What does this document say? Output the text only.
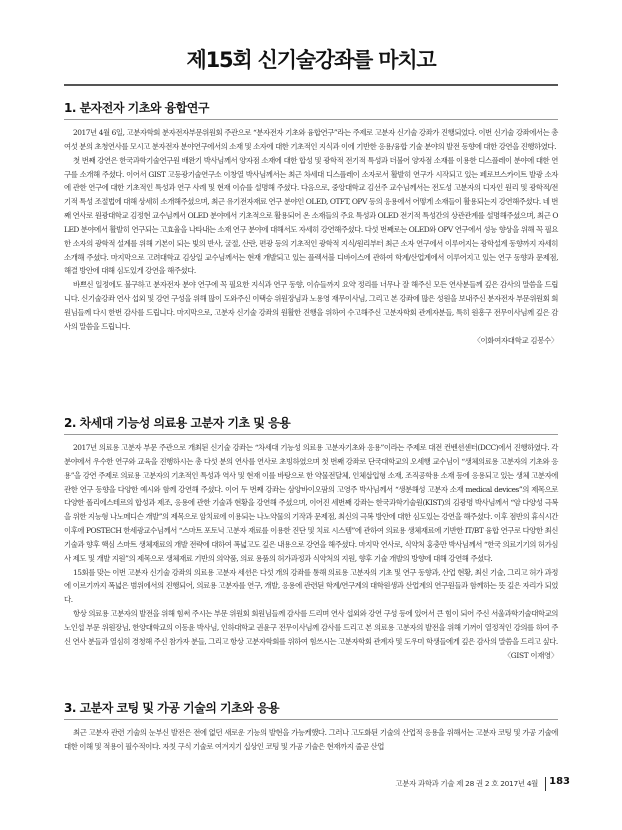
제15회 신기술강좌를 마치고
1. 분자전자 기초와 융합연구

2017년 4월 6일, 고분자학회 분자전자부문위원회 주관으로 “분자전자 기초와 융합연구”라는 주제로 고분자 신기술 강좌가 진행되었다. 이번 신기술 강좌에서는 총 여섯 분의 초청연사를 모시고 분자전자 분야연구에서의 소재 및 소자에 대한 기초적인 지식과 이에 기반한 응용/융합 기술 분야의 발전 동향에 대한 강연을 진행하였다.

첫 번째 강연은 한국과학기술연구원 배완기 박사님께서 양자점 소재에 대한 합성 및 광학적 전기적 특성과 더불어 양자점 소재를 이용한 디스플레이 분야에 대한 연구를 소개해 주셨다. 이어서 GIST 고등광기술연구소 이창열 박사님께서는 최근 차세대 디스플레이 소자로서 활발히 연구가 시작되고 있는 페로브스카이트 발광 소자에 관한 연구에 대한 기초적인 특성과 연구 사례 및 현재 이슈를 설명해 주셨다. 다음으로, 중앙대학교 김선주 교수님께서는 전도성 고분자의 디자인 원리 및 광학적/전기적 특성 조절법에 대해 상세히 소개해주셨으며, 최근 유기전자재료 연구 분야인 OLED, OTFT, OPV 등의 응용에서 어떻게 소재들이 활용되는지 강연해주셨다. 네 번째 연사로 원광대학교 김정현 교수님께서 OLED 분야에서 기초적으로 활용되어 온 소재들의 주요 특성과 OLED 전기적 특성간의 상관관계를 설명해주셨으며, 최근 OLED 분야에서 활발히 연구되는 고효율을 나타내는 소재 연구 분야에 대해서도 자세히 강연해주셨다. 다섯 번째로는 OLED와 OPV 연구에서 성능 향상을 위해 꼭 필요한 소자의 광학적 설계를 위해 기본이 되는 빛의 반사, 굴절, 산란, 편광 등의 기초적인 광학적 지식/원리부터 최근 소자 연구에서 이루어지는 광학설계 동향까지 자세히 소개해 주셨다. 마지막으로 고려대학교 김상일 교수님께서는 현재 개발되고 있는 플렉서블 디바이스에 관하여 학계/산업계에서 이루어지고 있는 연구 동향과 문제점, 해결 방안에 대해 심도있게 강연을 해주셨다.

바쁘신 일정에도 불구하고 분자전자 분야 연구에 꼭 필요한 지식과 연구 동향, 이슈들까지 요약 정리를 너무나 잘 해주신 모든 연사분들께 깊은 감사의 말씀을 드립니다. 신기술강좌 연사 섭외 및 강연 구성을 위해 많이 도와주신 이택승 위원장님과 노용영 재무이사님, 그리고 본 강좌에 많은 성원을 보내주신 분자전자 부문위원회 회원님들께 다시 한번 감사를 드립니다. 마지막으로, 고분자 신기술 강좌의 원활한 진행을 위하여 수고해주신 고분자학회 관계자분들, 특히 원흥구 전무이사님께 깊은 감사의 말씀을 드립니다.

〈이화여자대학교 김봉수〉

2. 차세대 기능성 의료용 고분자 기초 및 응용

2017년 의료용 고분자 부문 주관으로 개최된 신기술 강좌는 “차세대 기능성 의료용 고분자기초와 응용”이라는 주제로 대전 컨벤션센터(DCC)에서 진행하였다. 각 분야에서 우수한 연구와 교육을 진행하시는 총 다섯 분의 연사를 연사로 초빙하였으며 첫 번째 강좌로 단국대학교의 오세행 교수님이 “생체의료용 고분자의 기초와 응용”을 강연 주제로 의료용 고분자의 기초적인 특성과 역사 및 현재 이를 바탕으로 한 약물전달체, 인체삽입형 소재, 조직공학용 소재 등에 응용되고 있는 생체 고분자에 관한 연구 동향을 다양한 예시와 함께 강연해 주셨다. 이어 두 번째 강좌는 삼양바이오팜의 고영주 박사님께서 “생분해성 고분자 소재 medical devices”의 제목으로 다양한 폴리에스테르의 합성과 제조, 응용에 관한 기술과 현황을 강연해 주셨으며, 이어진 세번째 강좌는 한국과학기술원(KIST)의 김광명 박사님께서 “암 다양성 극복을 위한 지능형 나노메디슨 개발”의 제목으로 암치료에 이용되는 나노약물의 기작과 문제점, 최신의 극복 방안에 대한 심도있는 강연을 해주셨다. 이후 점반의 휴식시간 이후에 POSTECH 한세광교수님께서 “스마트 포토닉 고분자 재료를 이용한 진단 및 치료 시스템”에 관하여 의료용 생체재료에 기반한 IT/BT 융합 연구로 다양한 최신 기술과 향후 핵심 스마트 생체재료의 개발 전략에 대하여 폭넓고도 깊은 내용으로 강연을 해주셨다. 마지막 연사로, 식약처 홍충만 박사님께서 “한국 의료기기의 허가심사 제도 및 개발 지원”의 제목으로 생체재료 기반의 의약품, 의료 용품의 허가과정과 식약처의 지원, 향후 기술 개발의 방향에 대해 강연해 주셨다.

15회를 맞는 이번 고분자 신기술 강좌의 의료용 고분자 세션은 다섯 개의 강좌를 통해 의료용 고분자의 기초 및 연구 동향과, 산업 현황, 최신 기술, 그리고 허가 과정에 이르기까지 폭넓은 범위에서의 진행되어, 의료용 고분자를 연구, 개발, 응용에 관련된 학계/연구계의 대학원생과 산업계의 연구원들과 함께하는 뜻 깊은 자리가 되었다.

항상 의료용 고분자의 발전을 위해 힘써 주시는 부문 위원회 회원님들께 감사를 드리며 연사 섭외와 강연 구성 등에 있어서 큰 힘이 되어 주신 서울과학기술대학교의 노인섭 부문 위원장님, 한양대학교의 이동윤 박사님, 인하대학교 권윤구 전무이사님께 감사를 드리고 본 의료용 고분자의 발전을 위해 기꺼이 열정적인 강의를 하여 주신 연사 분들과 열심히 경청해 주신 참가자 분들, 그리고 항상 고분자학회를 위하여 힘쓰시는 고분자학회 관계자 및 도우미 학생들에게 깊은 감사의 말씀을 드리고 싶다.

〈GIST 이재영〉

3. 고분자 코팅 및 가공 기술의 기초와 응용

최근 고분자 관련 기술의 눈부신 발전은 전에 없던 새로운 기능의 발현을 가능케했다. 그러나 고도화된 기술의 산업적 응용을 위해서는 고분자 코팅 및 가공 기술에 대한 이해 및 적용이 필수적이다. 자칫 구식 기술로 여겨지기 십상인 코팅 및 가공 기술은 현재까지 줄곧 산업

고분자 과학과 기술 제 28 권 2 호 2017년 4월 183
